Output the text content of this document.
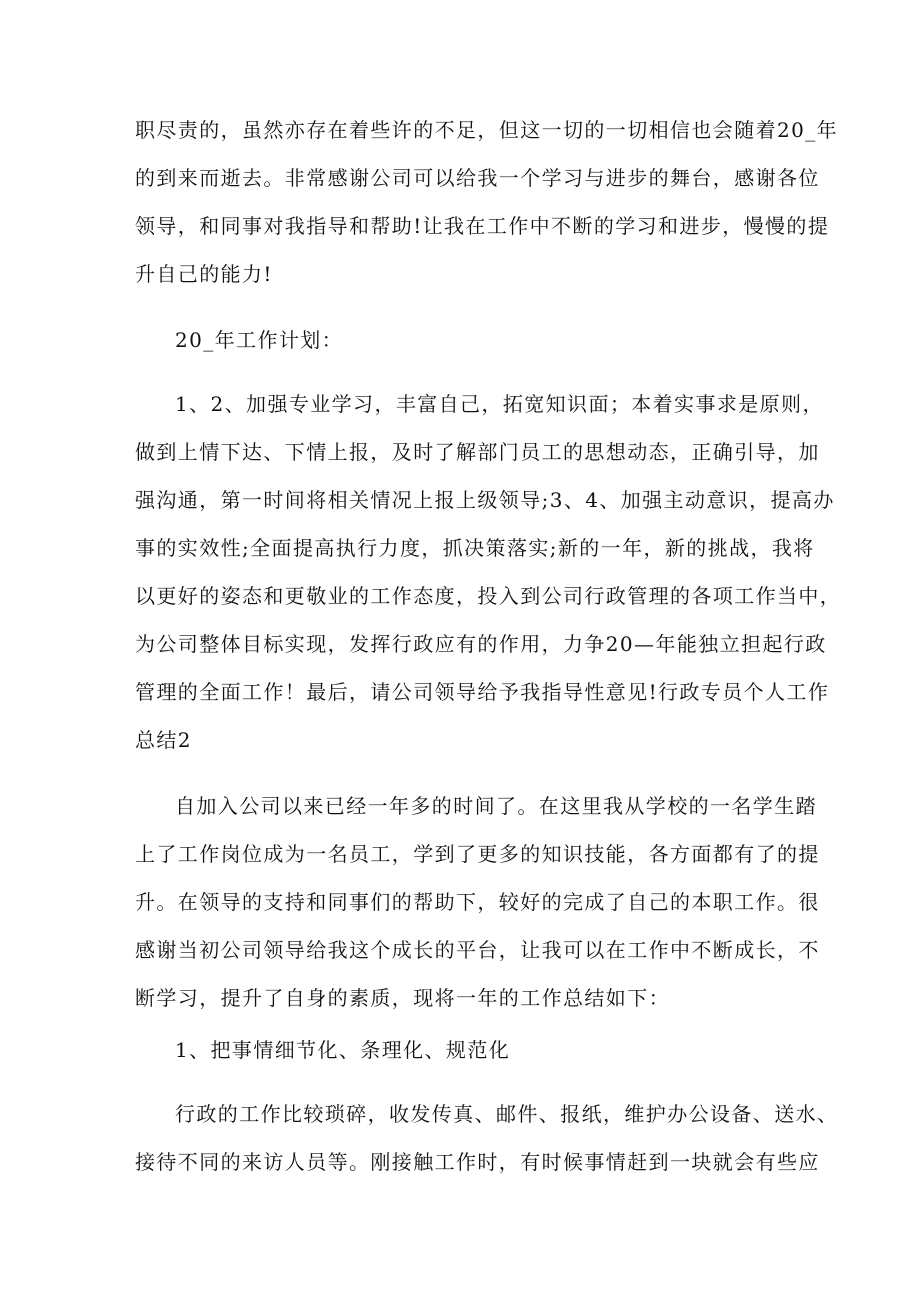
职尽责的，虽然亦存在着些许的不足，但这一切的一切相信也会随着20_年
的到来而逝去。非常感谢公司可以给我一个学习与进步的舞台，感谢各位
领导，和同事对我指导和帮助!让我在工作中不断的学习和进步，慢慢的提
升自己的能力!
20_年工作计划：
1、2、加强专业学习，丰富自己，拓宽知识面；本着实事求是原则，
做到上情下达、下情上报，及时了解部门员工的思想动态，正确引导，加
强沟通，第一时间将相关情况上报上级领导;3、4、加强主动意识，提高办
事的实效性;全面提高执行力度，抓决策落实;新的一年，新的挑战，我将
以更好的姿态和更敬业的工作态度，投入到公司行政管理的各项工作当中，
为公司整体目标实现，发挥行政应有的作用，力争20—年能独立担起行政
管理的全面工作！最后，请公司领导给予我指导性意见!行政专员个人工作
总结2
自加入公司以来已经一年多的时间了。在这里我从学校的一名学生踏
上了工作岗位成为一名员工，学到了更多的知识技能，各方面都有了的提
升。在领导的支持和同事们的帮助下，较好的完成了自己的本职工作。很
感谢当初公司领导给我这个成长的平台，让我可以在工作中不断成长，不
断学习，提升了自身的素质，现将一年的工作总结如下：
1、把事情细节化、条理化、规范化
行政的工作比较琐碎，收发传真、邮件、报纸，维护办公设备、送水、
接待不同的来访人员等。刚接触工作时，有时候事情赶到一块就会有些应
